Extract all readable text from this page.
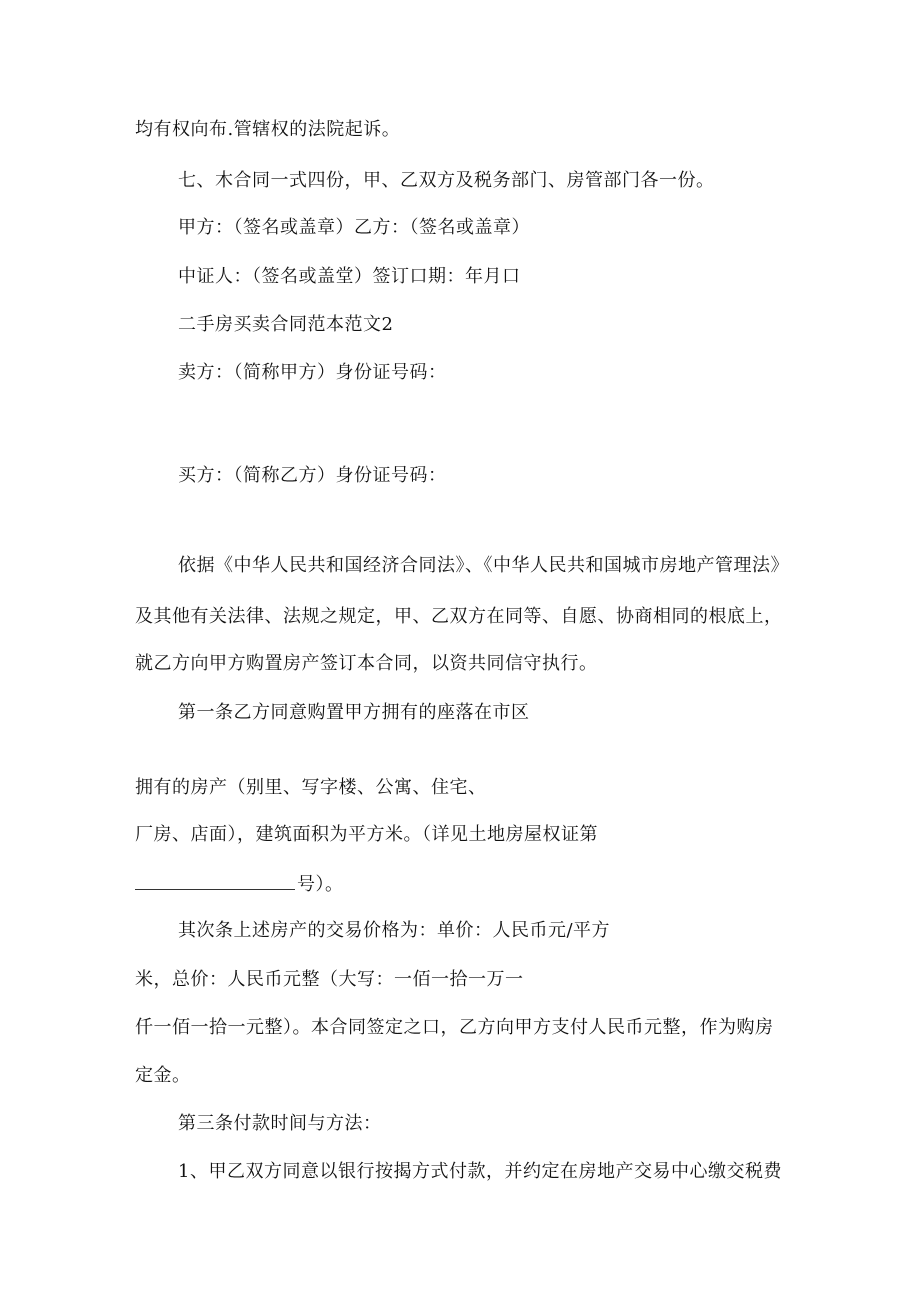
均有权向布.管辖权的法院起诉。
七、木合同一式四份，甲、乙双方及税务部门、房管部门各一份。
甲方：（签名或盖章）乙方：（签名或盖章）
中证人：（签名或盖堂）签订口期：年月口
二手房买卖合同范本范文2
卖方：（简称甲方）身份证号码：
买方：（简称乙方）身份证号码：
依据《中华人民共和国经济合同法》、《中华人民共和国城市房地产管理法》
及其他有关法律、法规之规定，甲、乙双方在同等、自愿、协商相同的根底上，
就乙方向甲方购置房产签订本合同，以资共同信守执行。
第一条乙方同意购置甲方拥有的座落在市区
拥有的房产（别里、写字楼、公寓、住宅、
厂房、店面），建筑面积为平方米。（详见土地房屋权证第
号）。
其次条上述房产的交易价格为：单价：人民币元/平方
米，总价：人民币元整（大写：一佰一拾一万一
仟一佰一拾一元整）。本合同签定之口，乙方向甲方支付人民币元整，作为购房
定金。
第三条付款时间与方法：
1、甲乙双方同意以银行按揭方式付款，并约定在房地产交易中心缴交税费
